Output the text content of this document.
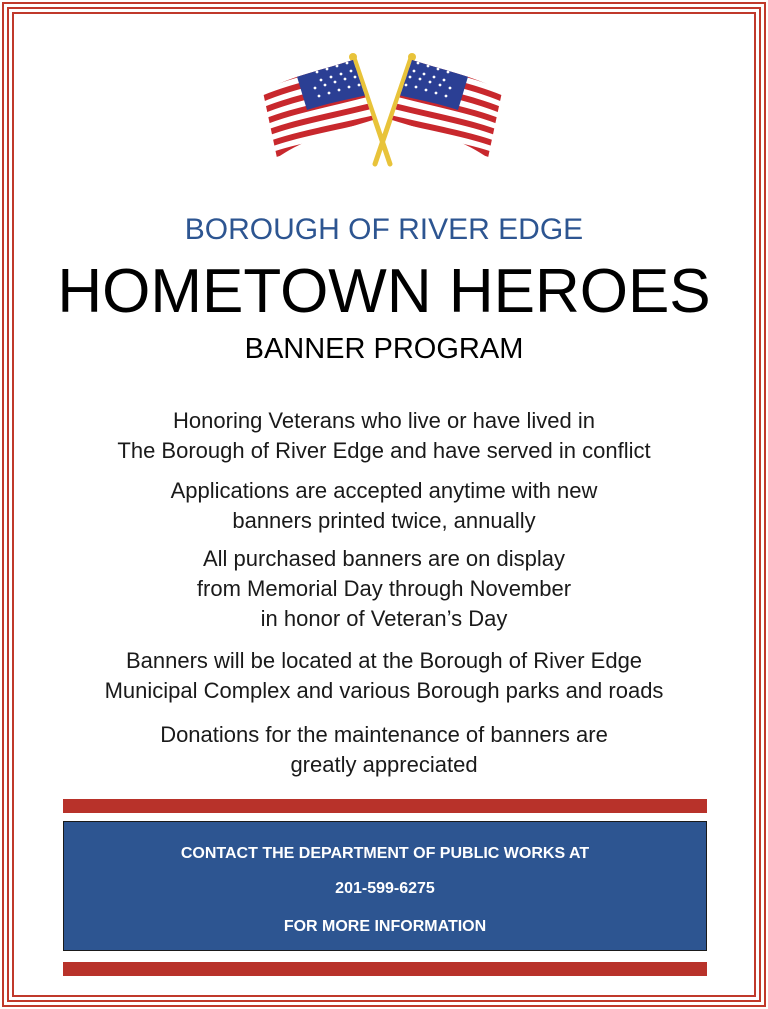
BOROUGH OF RIVER EDGE
HOMETOWN HEROES
BANNER PROGRAM
Honoring Veterans who live or have lived in
The Borough of River Edge and have served in conflict
Applications are accepted anytime with new
banners printed twice, annually
All purchased banners are on display
from Memorial Day through November
in honor of Veteran’s Day
Banners will be located at the Borough of River Edge
Municipal Complex and various Borough parks and roads
Donations for the maintenance of banners are
greatly appreciated
CONTACT THE DEPARTMENT OF PUBLIC WORKS AT
201-599-6275
FOR MORE INFORMATION
